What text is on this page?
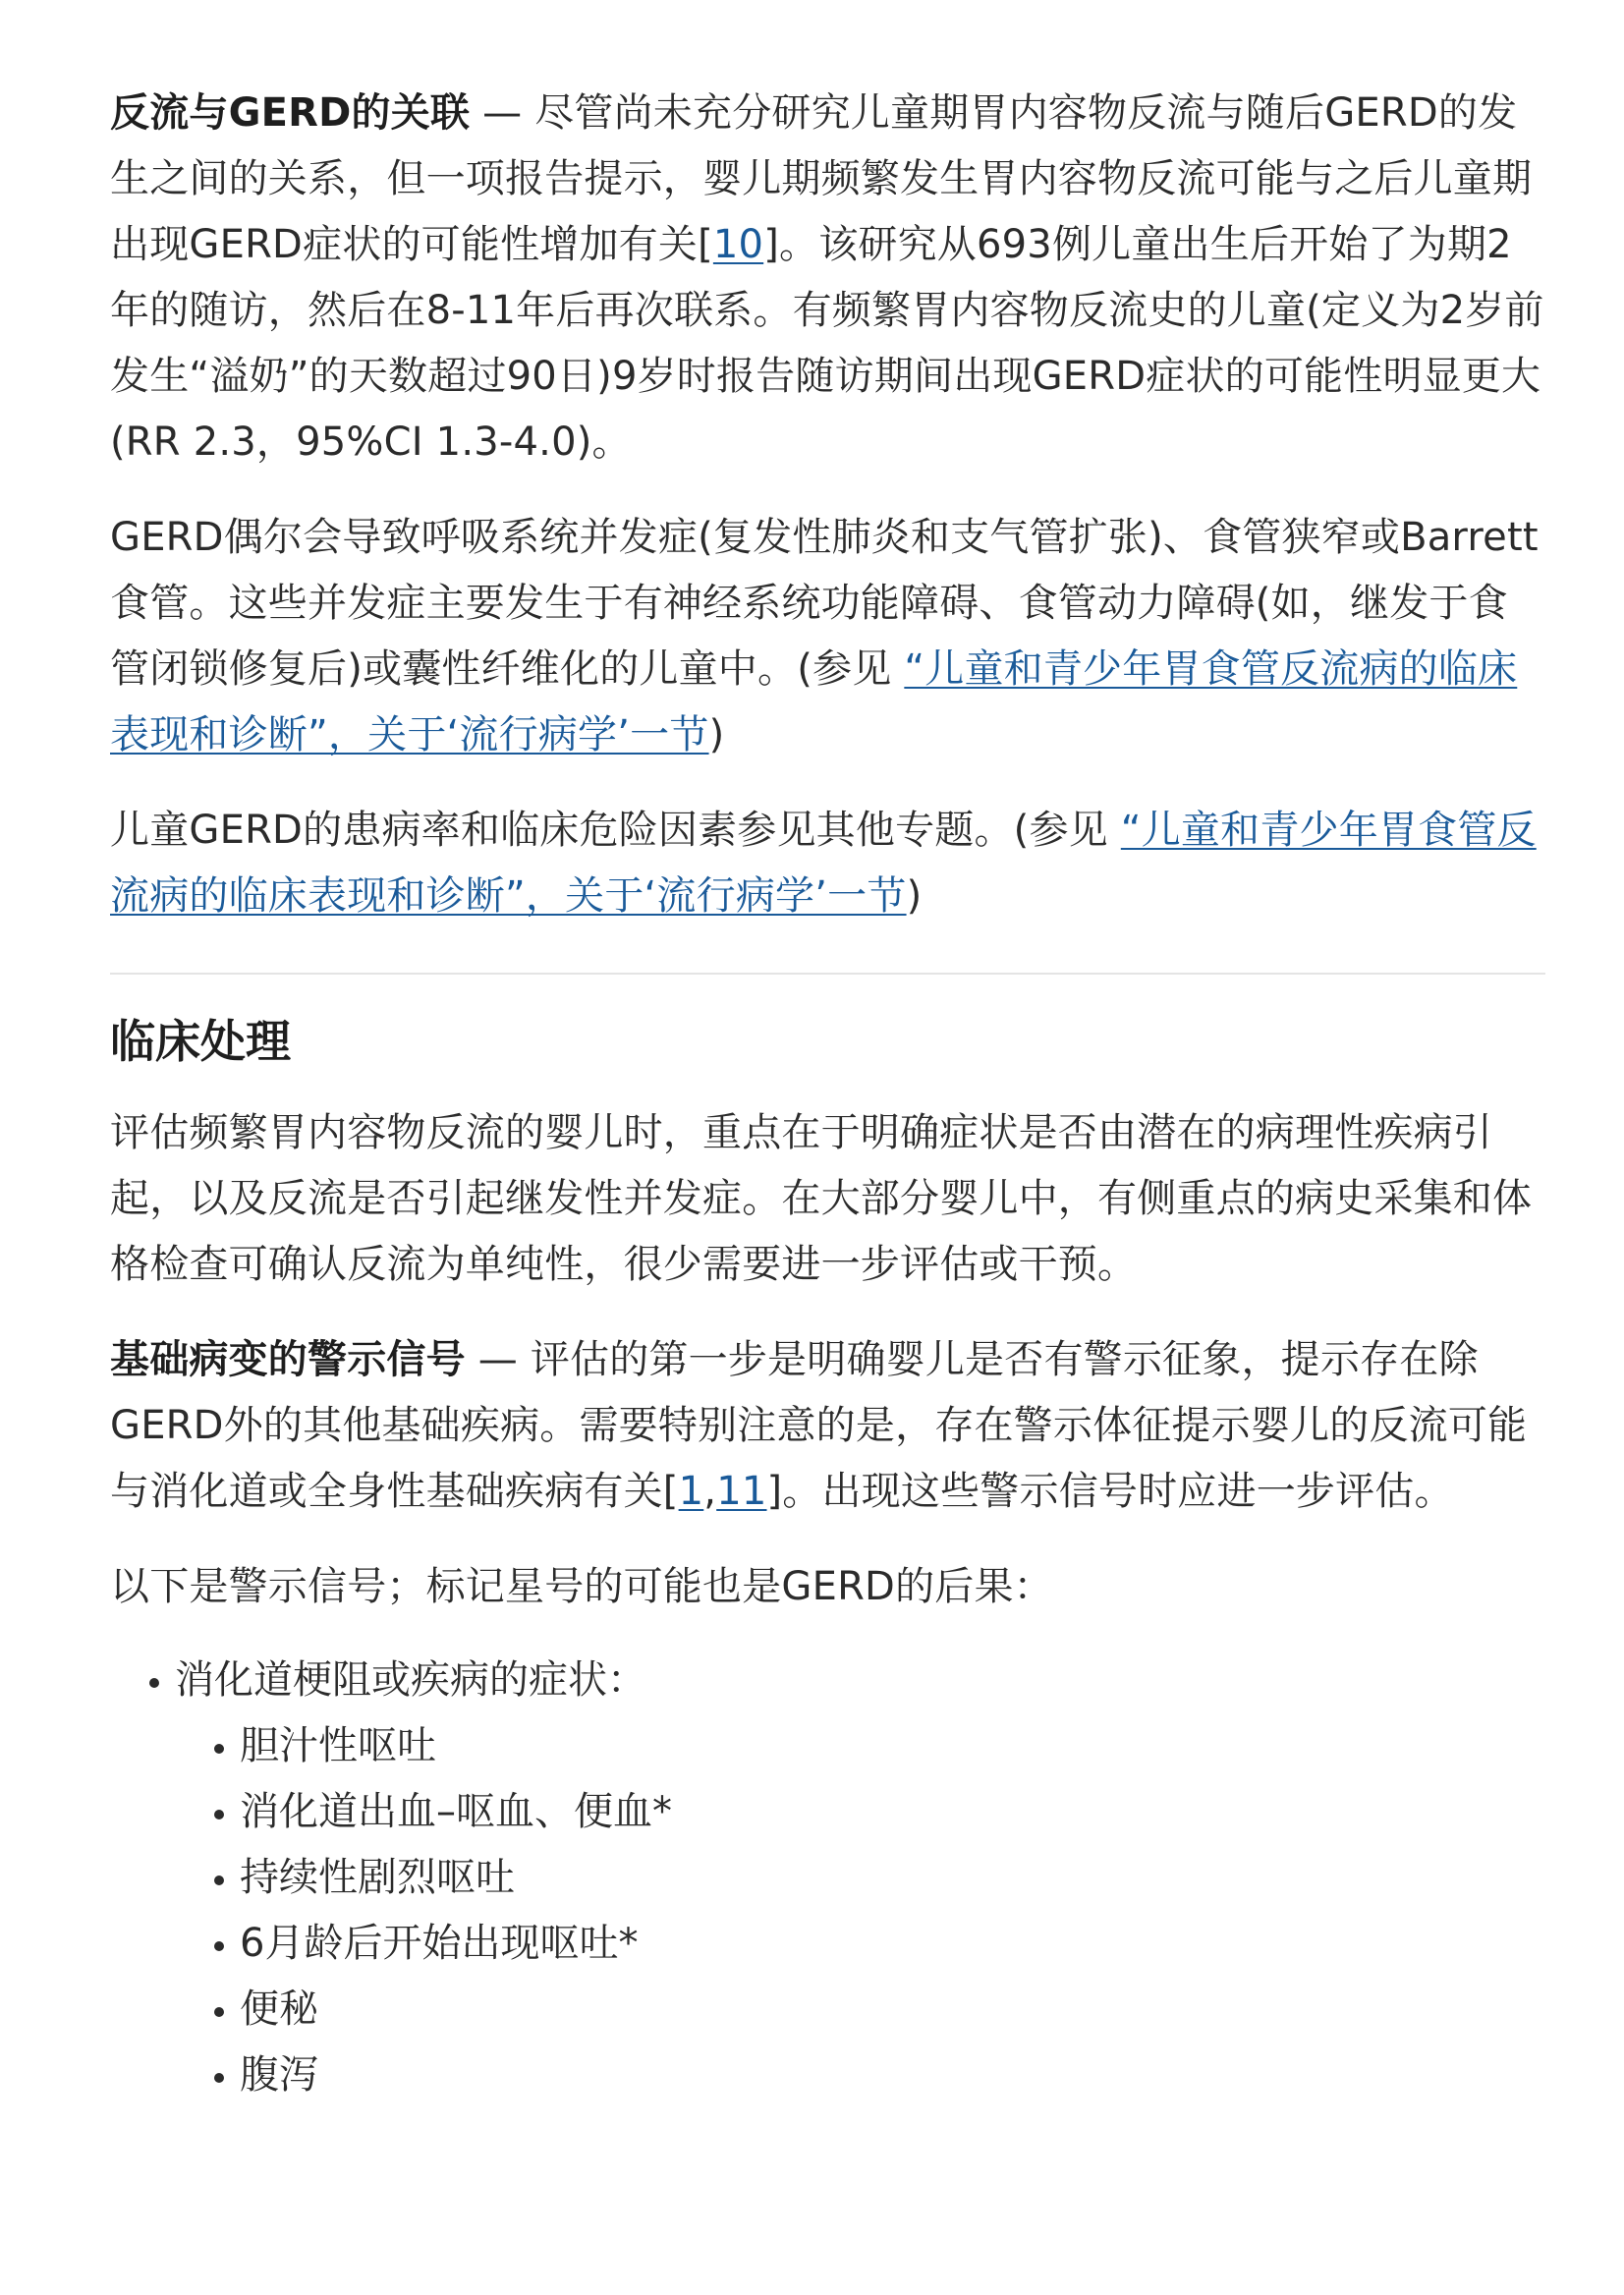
反流与GERD的关联 — 尽管尚未充分研究儿童期胃内容物反流与随后GERD的发生之间的关系，但一项报告提示，婴儿期频繁发生胃内容物反流可能与之后儿童期出现GERD症状的可能性增加有关[10]。该研究从693例儿童出生后开始了为期2年的随访，然后在8-11年后再次联系。有频繁胃内容物反流史的儿童(定义为2岁前发生“溢奶”的天数超过90日)9岁时报告随访期间出现GERD症状的可能性明显更大(RR 2.3，95%CI 1.3-4.0)。

GERD偶尔会导致呼吸系统并发症(复发性肺炎和支气管扩张)、食管狭窄或Barrett食管。这些并发症主要发生于有神经系统功能障碍、食管动力障碍(如，继发于食管闭锁修复后)或囊性纤维化的儿童中。(参见 “儿童和青少年胃食管反流病的临床表现和诊断”，关于‘流行病学’一节)

儿童GERD的患病率和临床危险因素参见其他专题。(参见 “儿童和青少年胃食管反流病的临床表现和诊断”，关于‘流行病学’一节)

临床处理

评估频繁胃内容物反流的婴儿时，重点在于明确症状是否由潜在的病理性疾病引起，以及反流是否引起继发性并发症。在大部分婴儿中，有侧重点的病史采集和体格检查可确认反流为单纯性，很少需要进一步评估或干预。

基础病变的警示信号 — 评估的第一步是明确婴儿是否有警示征象，提示存在除GERD外的其他基础疾病。需要特别注意的是，存在警示体征提示婴儿的反流可能与消化道或全身性基础疾病有关[1,11]。出现这些警示信号时应进一步评估。

以下是警示信号；标记星号的可能也是GERD的后果：

消化道梗阻或疾病的症状：
胆汁性呕吐
消化道出血–呕血、便血*
持续性剧烈呕吐
6月龄后开始出现呕吐*
便秘
腹泻
